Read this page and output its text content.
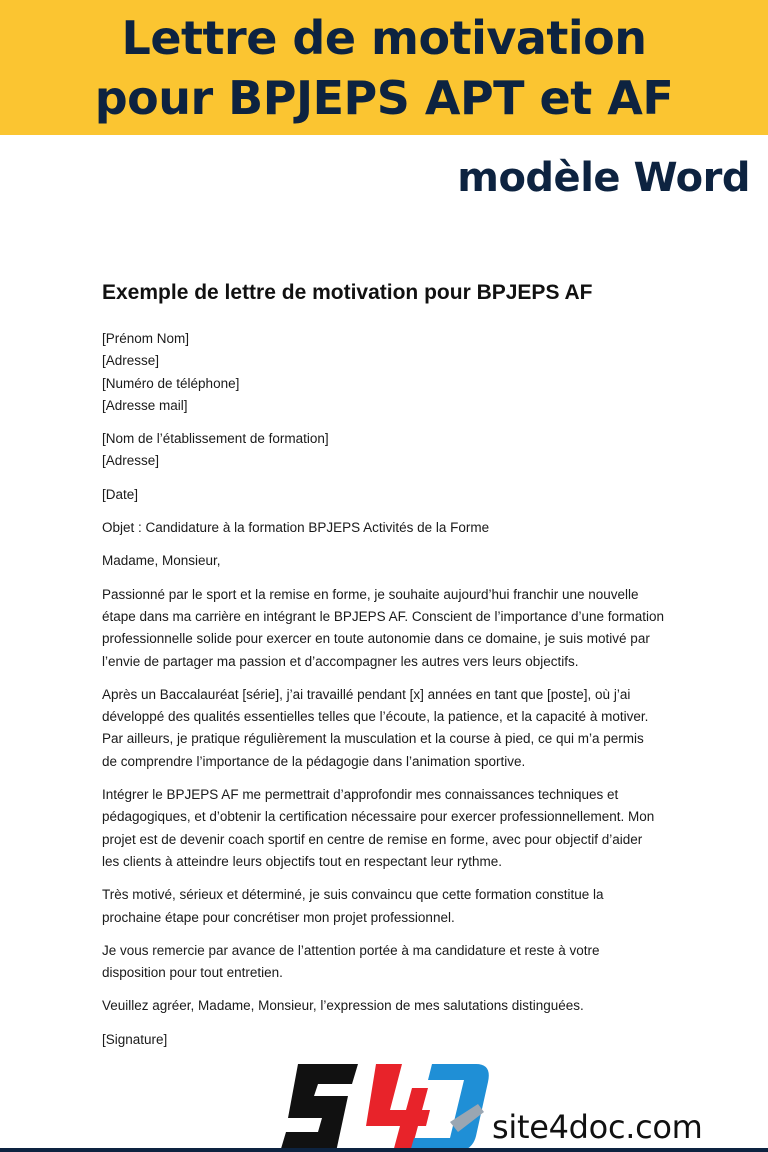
Lettre de motivation
pour BPJEPS APT et AF
modèle Word
Exemple de lettre de motivation pour BPJEPS AF

[Prénom Nom]
[Adresse]
[Numéro de téléphone]
[Adresse mail]

[Nom de l’établissement de formation]
[Adresse]

[Date]

Objet : Candidature à la formation BPJEPS Activités de la Forme

Madame, Monsieur,

Passionné par le sport et la remise en forme, je souhaite aujourd’hui franchir une nouvelle
étape dans ma carrière en intégrant le BPJEPS AF. Conscient de l’importance d’une formation
professionnelle solide pour exercer en toute autonomie dans ce domaine, je suis motivé par
l’envie de partager ma passion et d’accompagner les autres vers leurs objectifs.

Après un Baccalauréat [série], j’ai travaillé pendant [x] années en tant que [poste], où j’ai
développé des qualités essentielles telles que l’écoute, la patience, et la capacité à motiver.
Par ailleurs, je pratique régulièrement la musculation et la course à pied, ce qui m’a permis
de comprendre l’importance de la pédagogie dans l’animation sportive.

Intégrer le BPJEPS AF me permettrait d’approfondir mes connaissances techniques et
pédagogiques, et d’obtenir la certification nécessaire pour exercer professionnellement. Mon
projet est de devenir coach sportif en centre de remise en forme, avec pour objectif d’aider
les clients à atteindre leurs objectifs tout en respectant leur rythme.

Très motivé, sérieux et déterminé, je suis convaincu que cette formation constitue la
prochaine étape pour concrétiser mon projet professionnel.

Je vous remercie par avance de l’attention portée à ma candidature et reste à votre
disposition pour tout entretien.

Veuillez agréer, Madame, Monsieur, l’expression de mes salutations distinguées.

[Signature]

site4doc.com
